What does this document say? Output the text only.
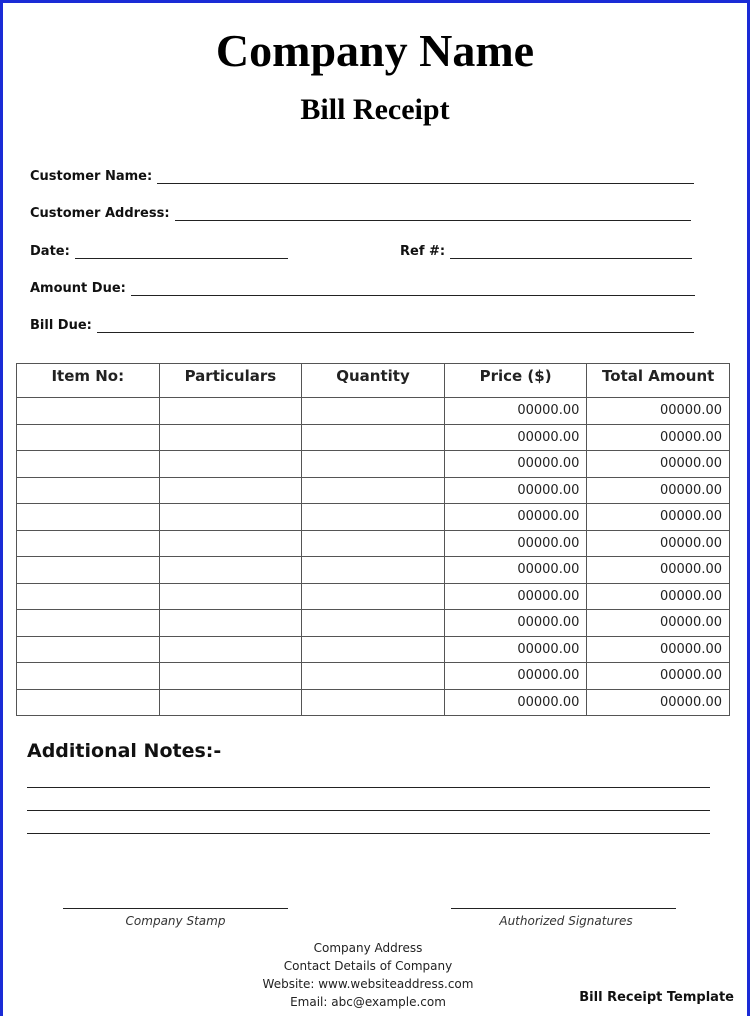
Company Name
Bill Receipt
Customer Name:
Customer Address:
Date:	Ref #:
Amount Due:
Bill Due:
Item No:	Particulars	Quantity	Price ($)	Total Amount
			00000.00	00000.00
			00000.00	00000.00
			00000.00	00000.00
			00000.00	00000.00
			00000.00	00000.00
			00000.00	00000.00
			00000.00	00000.00
			00000.00	00000.00
			00000.00	00000.00
			00000.00	00000.00
			00000.00	00000.00
			00000.00	00000.00
Additional Notes:-
Company Stamp	Authorized Signatures
Company Address
Contact Details of Company
Website: www.websiteaddress.com
Email: abc@example.com	Bill Receipt Template
